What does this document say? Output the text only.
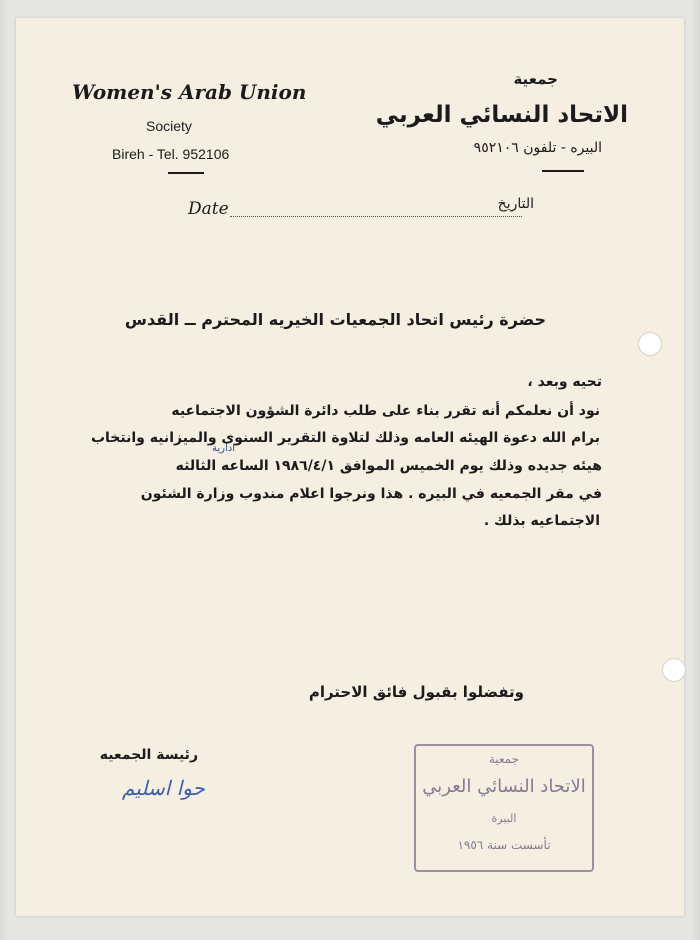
Women's Arab Union
Society
Bireh - Tel. 952106
جمعية
الاتحاد النسائي العربي
البيره - تلفون ٩٥٢١٠٦
Date	التاريخ
حضرة رئيس اتحاد الجمعيات الخيريه المحترم ــ القدس
تحيه وبعد ،
نود أن نعلمكم أنه تقرر بناء على طلب دائرة الشؤون الاجتماعيه
برام الله دعوة الهيئه العامه وذلك لتلاوة التقرير السنوى والميزانيه وانتخاب
هيئه جديده وذلك يوم الخميس الموافق ١٩٨٦/٤/١ الساعه الثالثه
في مقر الجمعيه في البيره . هذا ونرجوا اعلام مندوب وزارة الشئون
الاجتماعيه بذلك .
ادارية
وتفضلوا بقبول فائق الاحترام
رئيسة الجمعيه
حوا اسليم
جمعية
الاتحاد النسائي العربي
البيرة
تأسست سنة ١٩٥٦
